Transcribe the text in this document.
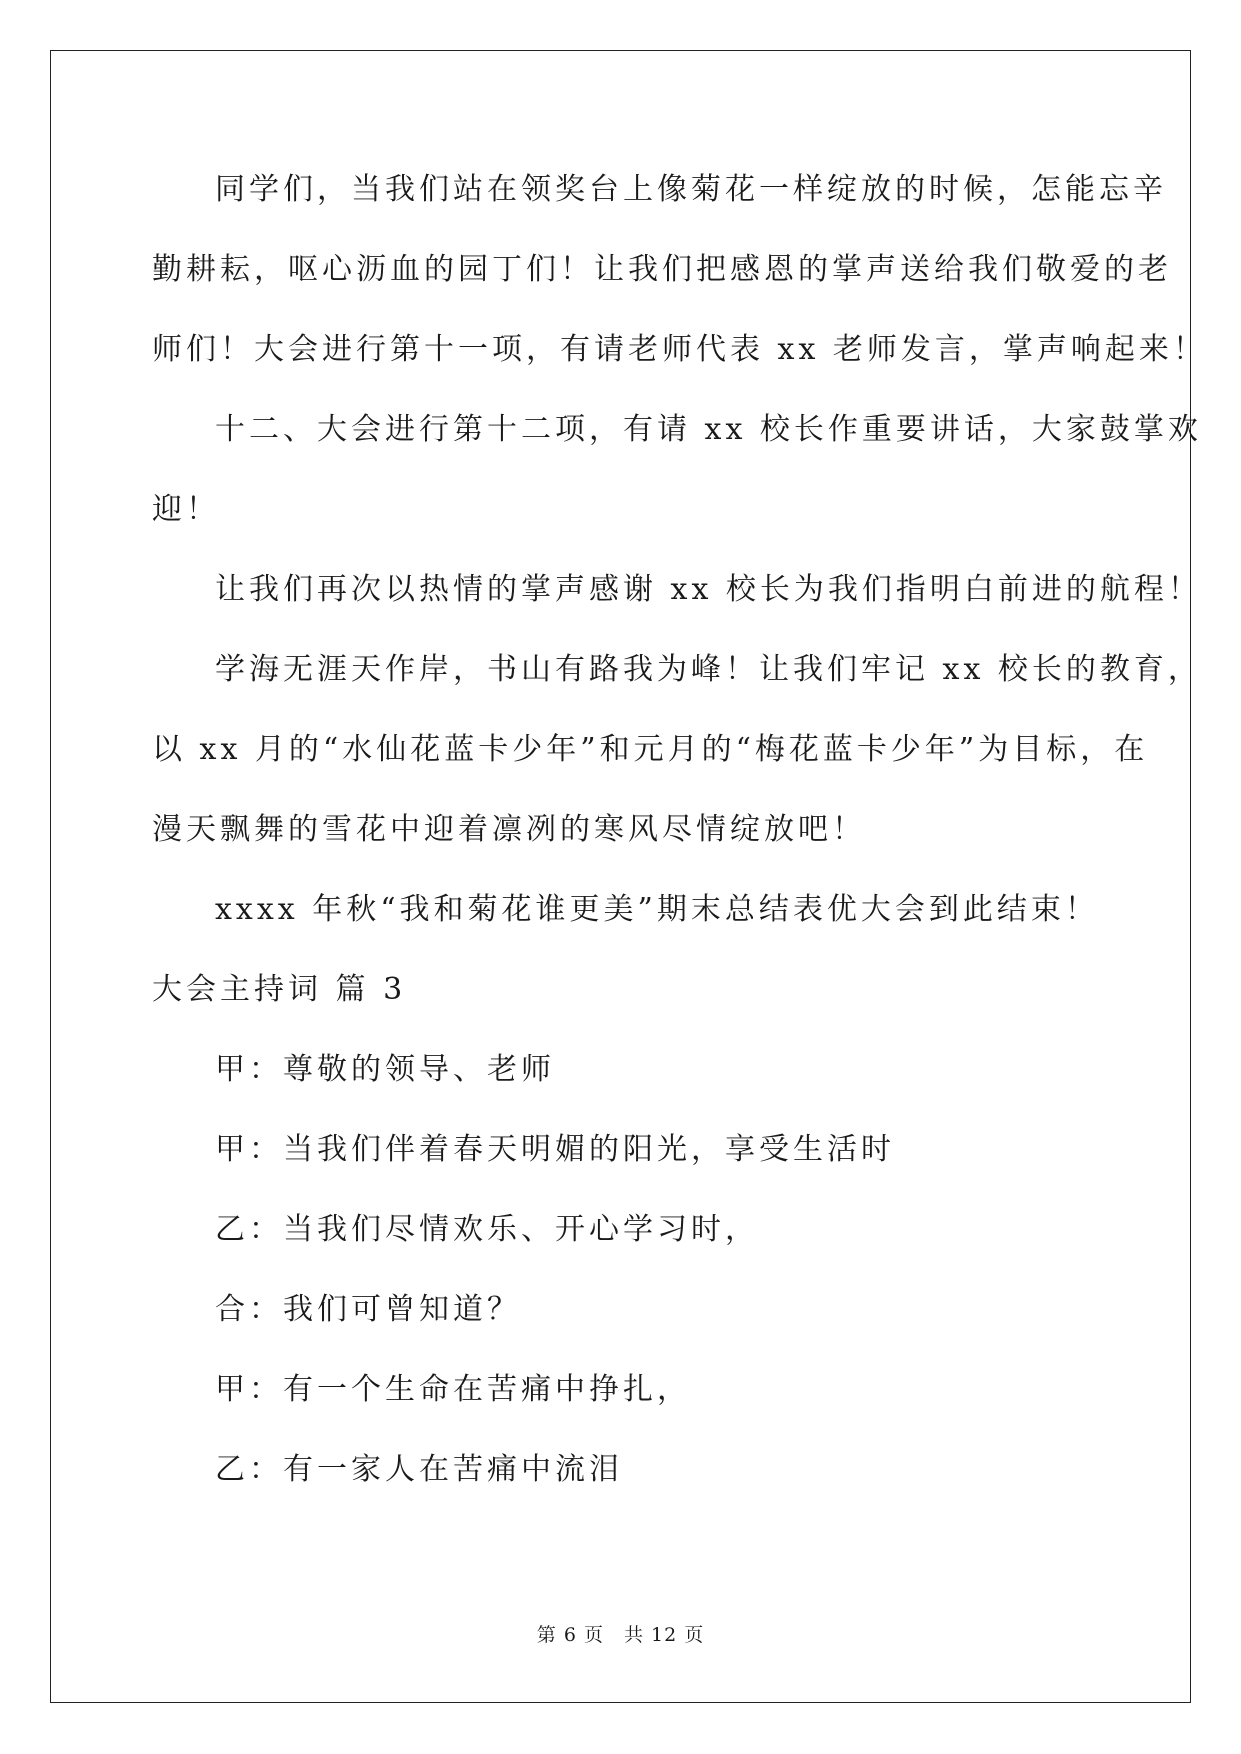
同学们，当我们站在领奖台上像菊花一样绽放的时候，怎能忘辛
勤耕耘，呕心沥血的园丁们！让我们把感恩的掌声送给我们敬爱的老
师们！大会进行第十一项，有请老师代表 xx 老师发言，掌声响起来！
十二、大会进行第十二项，有请 xx 校长作重要讲话，大家鼓掌欢
迎！
让我们再次以热情的掌声感谢 xx 校长为我们指明白前进的航程！
学海无涯天作岸，书山有路我为峰！让我们牢记 xx 校长的教育，
以 xx 月的“水仙花蓝卡少年”和元月的“梅花蓝卡少年”为目标，在
漫天飘舞的雪花中迎着凛冽的寒风尽情绽放吧！
xxxx 年秋“我和菊花谁更美”期末总结表优大会到此结束！
大会主持词 篇 3
甲：尊敬的领导、老师
甲：当我们伴着春天明媚的阳光，享受生活时
乙：当我们尽情欢乐、开心学习时，
合：我们可曾知道？
甲：有一个生命在苦痛中挣扎，
乙：有一家人在苦痛中流泪
第 6 页 共 12 页
